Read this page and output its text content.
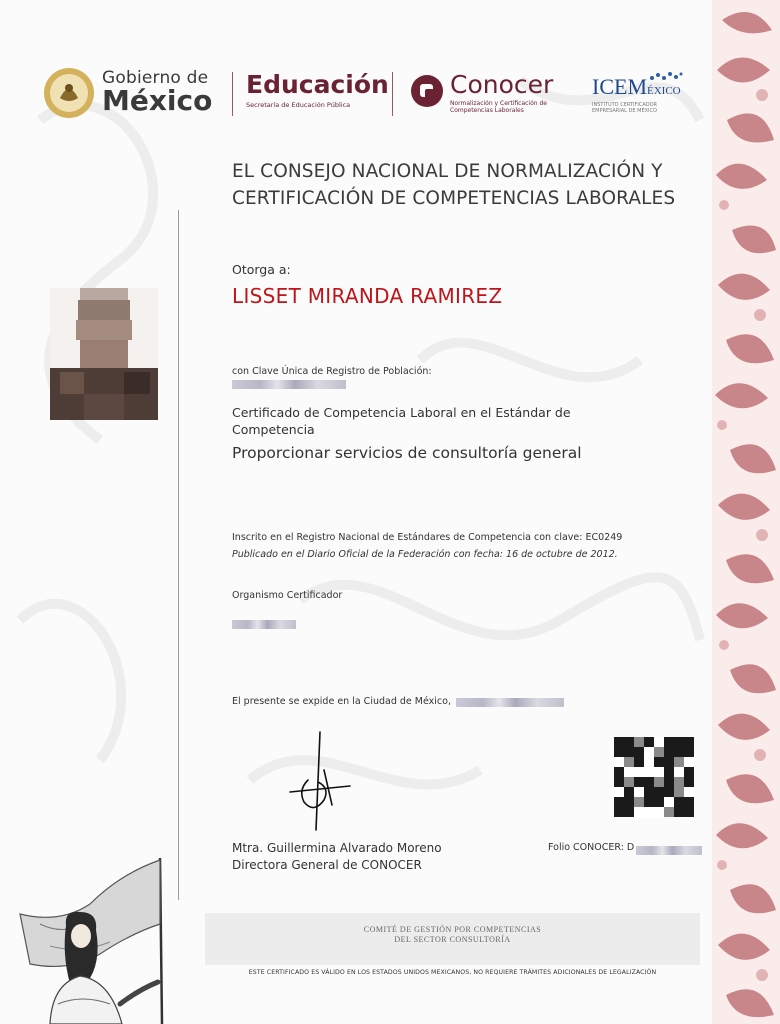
Gobierno de
México Educación
Secretaría de Educación Pública
Conocer
Normalización y Certificación de Competencias Laborales
ICEMÉXICO
INSTITUTO CERTIFICADOR EMPRESARIAL DE MÉXICO
EL CONSEJO NACIONAL DE NORMALIZACIÓN Y CERTIFICACIÓN DE COMPETENCIAS LABORALES
Otorga a:
LISSET MIRANDA RAMIREZ
con Clave Única de Registro de Población:
Certificado de Competencia Laboral en el Estándar de Competencia
Proporcionar servicios de consultoría general
Inscrito en el Registro Nacional de Estándares de Competencia con clave: EC0249
Publicado en el Diario Oficial de la Federación con fecha: 16 de octubre de 2012.
Organismo Certificador
El presente se expide en la Ciudad de México,
Mtra. Guillermina Alvarado Moreno
Directora General de CONOCER
Folio CONOCER: D
COMITÉ DE GESTIÓN POR COMPETENCIAS
DEL SECTOR CONSULTORÍA
ESTE CERTIFICADO ES VÁLIDO EN LOS ESTADOS UNIDOS MEXICANOS, NO REQUIERE TRÁMITES ADICIONALES DE LEGALIZACIÓN
